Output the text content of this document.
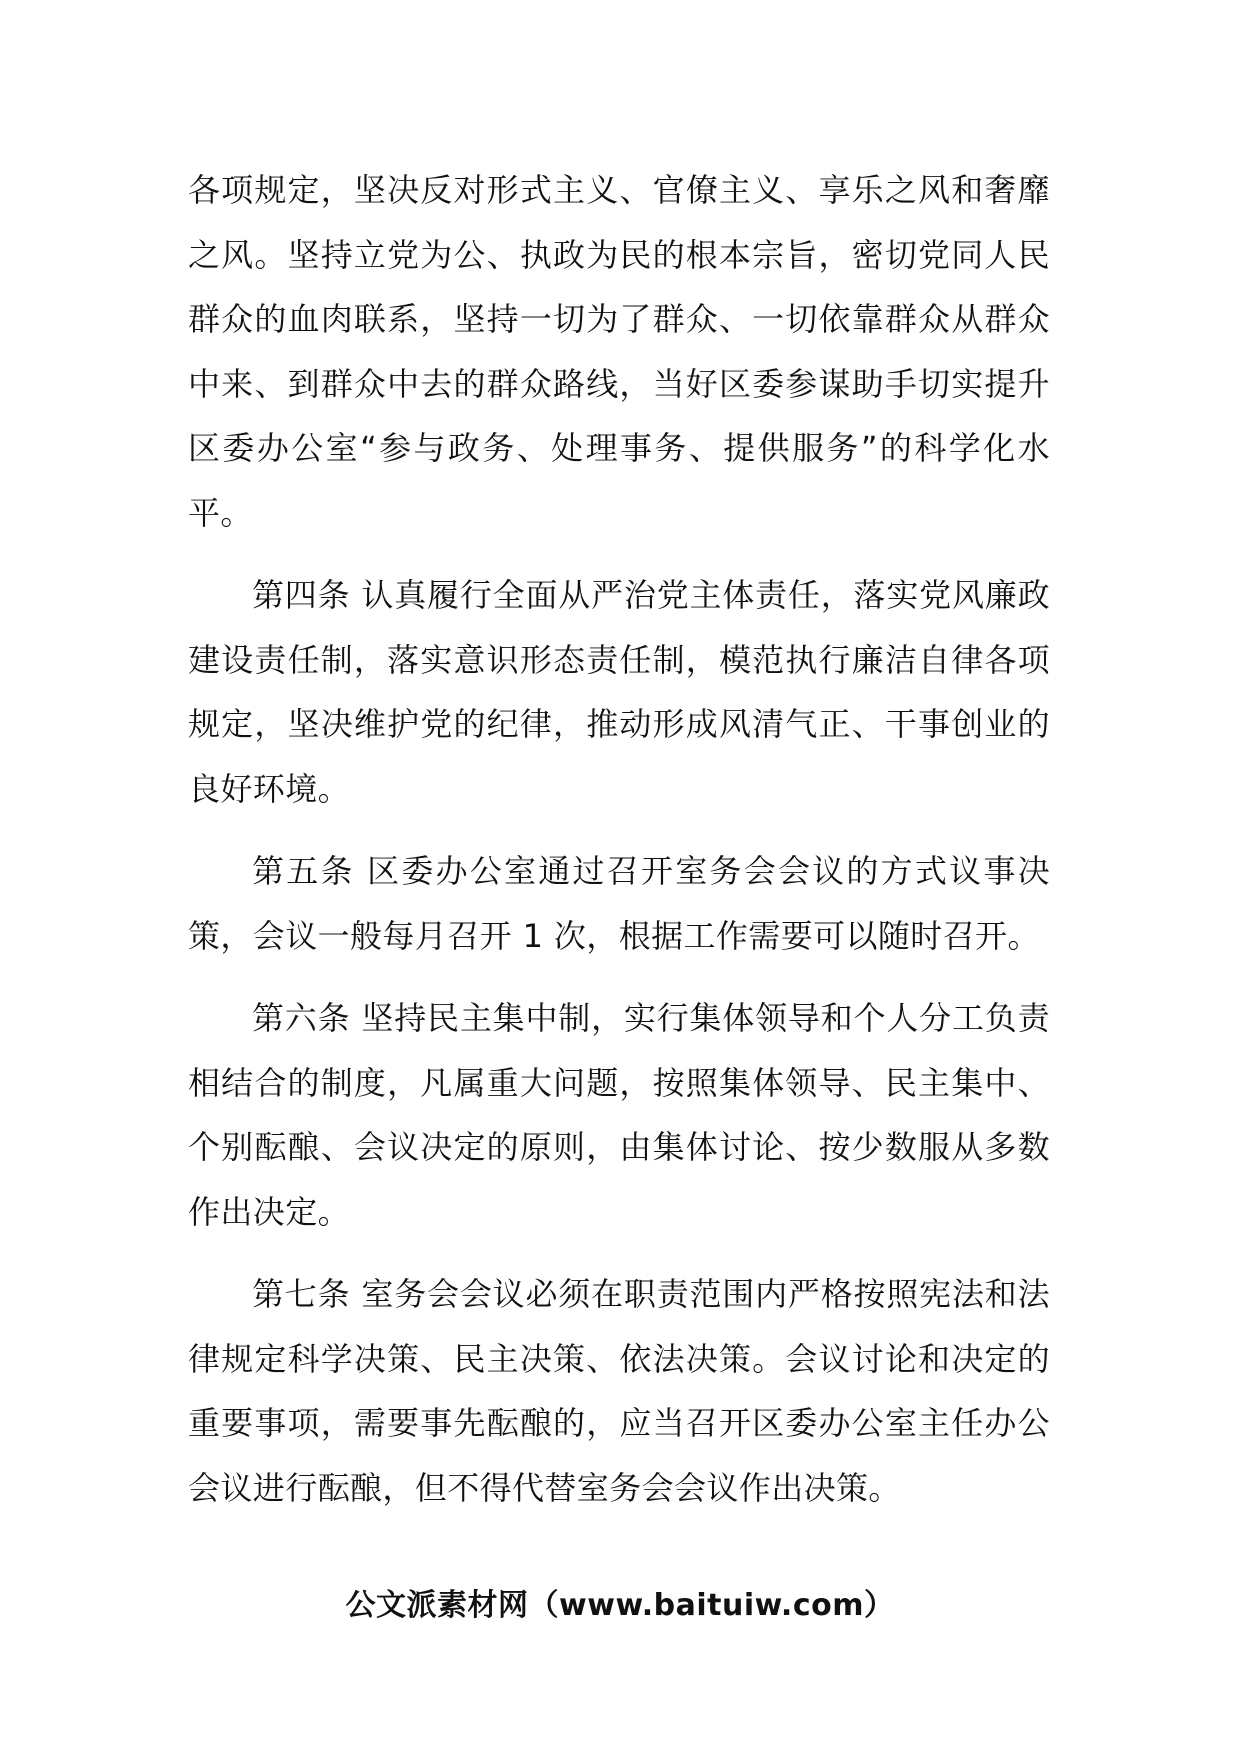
各项规定，坚决反对形式主义、官僚主义、享乐之风和奢靡之风。坚持立党为公、执政为民的根本宗旨，密切党同人民群众的血肉联系，坚持一切为了群众、一切依靠群众从群众中来、到群众中去的群众路线，当好区委参谋助手切实提升区委办公室“参与政务、处理事务、提供服务”的科学化水平。

第四条 认真履行全面从严治党主体责任，落实党风廉政建设责任制，落实意识形态责任制，模范执行廉洁自律各项规定，坚决维护党的纪律，推动形成风清气正、干事创业的良好环境。

第五条 区委办公室通过召开室务会会议的方式议事决策，会议一般每月召开 1 次，根据工作需要可以随时召开。

第六条 坚持民主集中制，实行集体领导和个人分工负责相结合的制度，凡属重大问题，按照集体领导、民主集中、个别酝酿、会议决定的原则，由集体讨论、按少数服从多数作出决定。

第七条 室务会会议必须在职责范围内严格按照宪法和法律规定科学决策、民主决策、依法决策。会议讨论和决定的重要事项，需要事先酝酿的，应当召开区委办公室主任办公会议进行酝酿，但不得代替室务会会议作出决策。

公文派素材网（www.baituiw.com）
